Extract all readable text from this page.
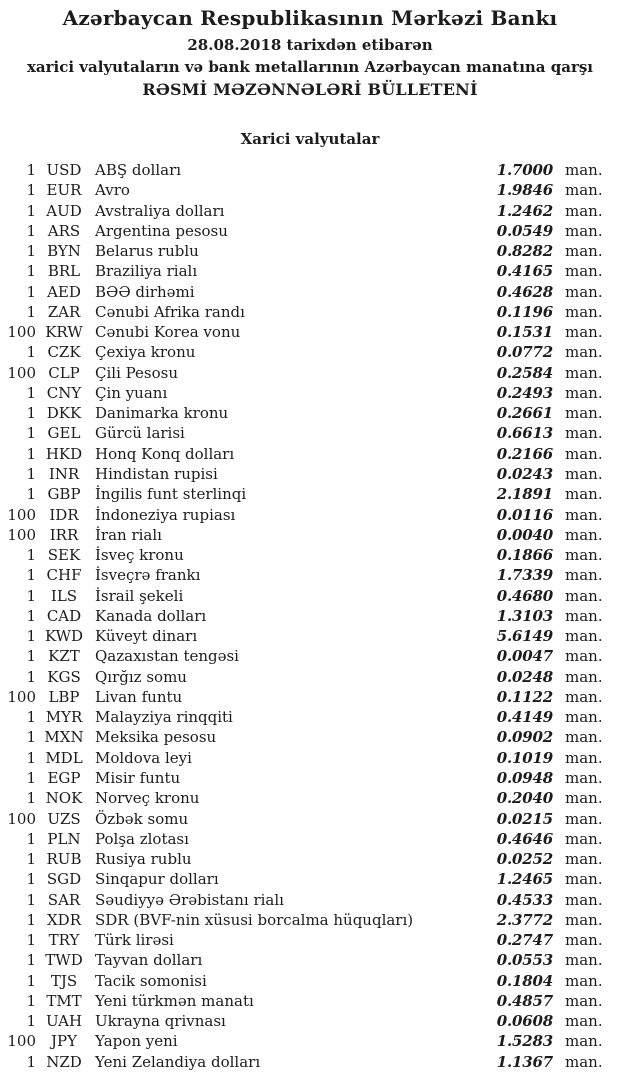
Azərbaycan Respublikasının Mərkəzi Bankı
28.08.2018 tarixdən etibarən
xarici valyutaların və bank metallarının Azərbaycan manatına qarşı
RƏSMİ MƏZƏNNƏLƏRİ BÜLLETENİ
Xarici valyutalar
1 USD ABŞ dolları	1.7000 man.
1 EUR Avro	1.9846 man.
1 AUD Avstraliya dolları	1.2462 man.
1 ARS Argentina pesosu	0.0549 man.
1 BYN Belarus rublu	0.8282 man.
1 BRL Braziliya rialı	0.4165 man.
1 AED BƏƏ dirhəmi	0.4628 man.
1 ZAR Cənubi Afrika randı	0.1196 man.
100 KRW Cənubi Korea vonu	0.1531 man.
1 CZK Çexiya kronu	0.0772 man.
100 CLP	Çili Pesosu	0.2584 man.
1 CNY Çin yuanı	0.2493 man.
1 DKK Danimarka kronu	0.2661 man.
1 GEL Gürcü larisi	0.6613 man.
1 HKD Honq Konq dolları	0.2166 man.
1 INR	Hindistan rupisi	0.0243 man.
1 GBP İngilis funt sterlinqi	2.1891 man.
100 IDR	İndoneziya rupiası	0.0116 man.
100 IRR	İran rialı	0.0040 man.
1 SEK İsveç kronu	0.1866 man.
1 CHF İsveçrə frankı	1.7339 man.
1 ILS	İsrail şekeli	0.4680 man.
1 CAD Kanada dolları	1.3103 man.
1 KWD Küveyt dinarı	5.6149 man.
1 KZT	Qazaxıstan tengəsi	0.0047 man.
1 KGS Qırğız somu	0.0248 man.
100 LBP	Livan funtu	0.1122 man.
1 MYR Malayziya rinqqiti	0.4149 man.
1 MXN Meksika pesosu	0.0902 man.
1 MDL Moldova leyi	0.1019 man.
1 EGP Misir funtu	0.0948 man.
1 NOK Norveç kronu	0.2040 man.
100 UZS Özbək somu	0.0215 man.
1 PLN Polşa zlotası	0.4646 man.
1 RUB Rusiya rublu	0.0252 man.
1 SGD Sinqapur dolları	1.2465 man.
1 SAR Səudiyyə Ərəbistanı rialı	0.4533 man.
1 XDR SDR (BVF-nin xüsusi borcalma hüquqları)	2.3772 man.
1 TRY	Türk lirəsi	0.2747 man.
1 TWD Tayvan dolları	0.0553 man.
1 TJS	Tacik somonisi	0.1804 man.
1 TMT Yeni türkmən manatı	0.4857 man.
1 UAH Ukrayna qrivnası	0.0608 man.
100 JPY	Yapon yeni	1.5283 man.
1 NZD Yeni Zelandiya dolları	1.1367 man.
